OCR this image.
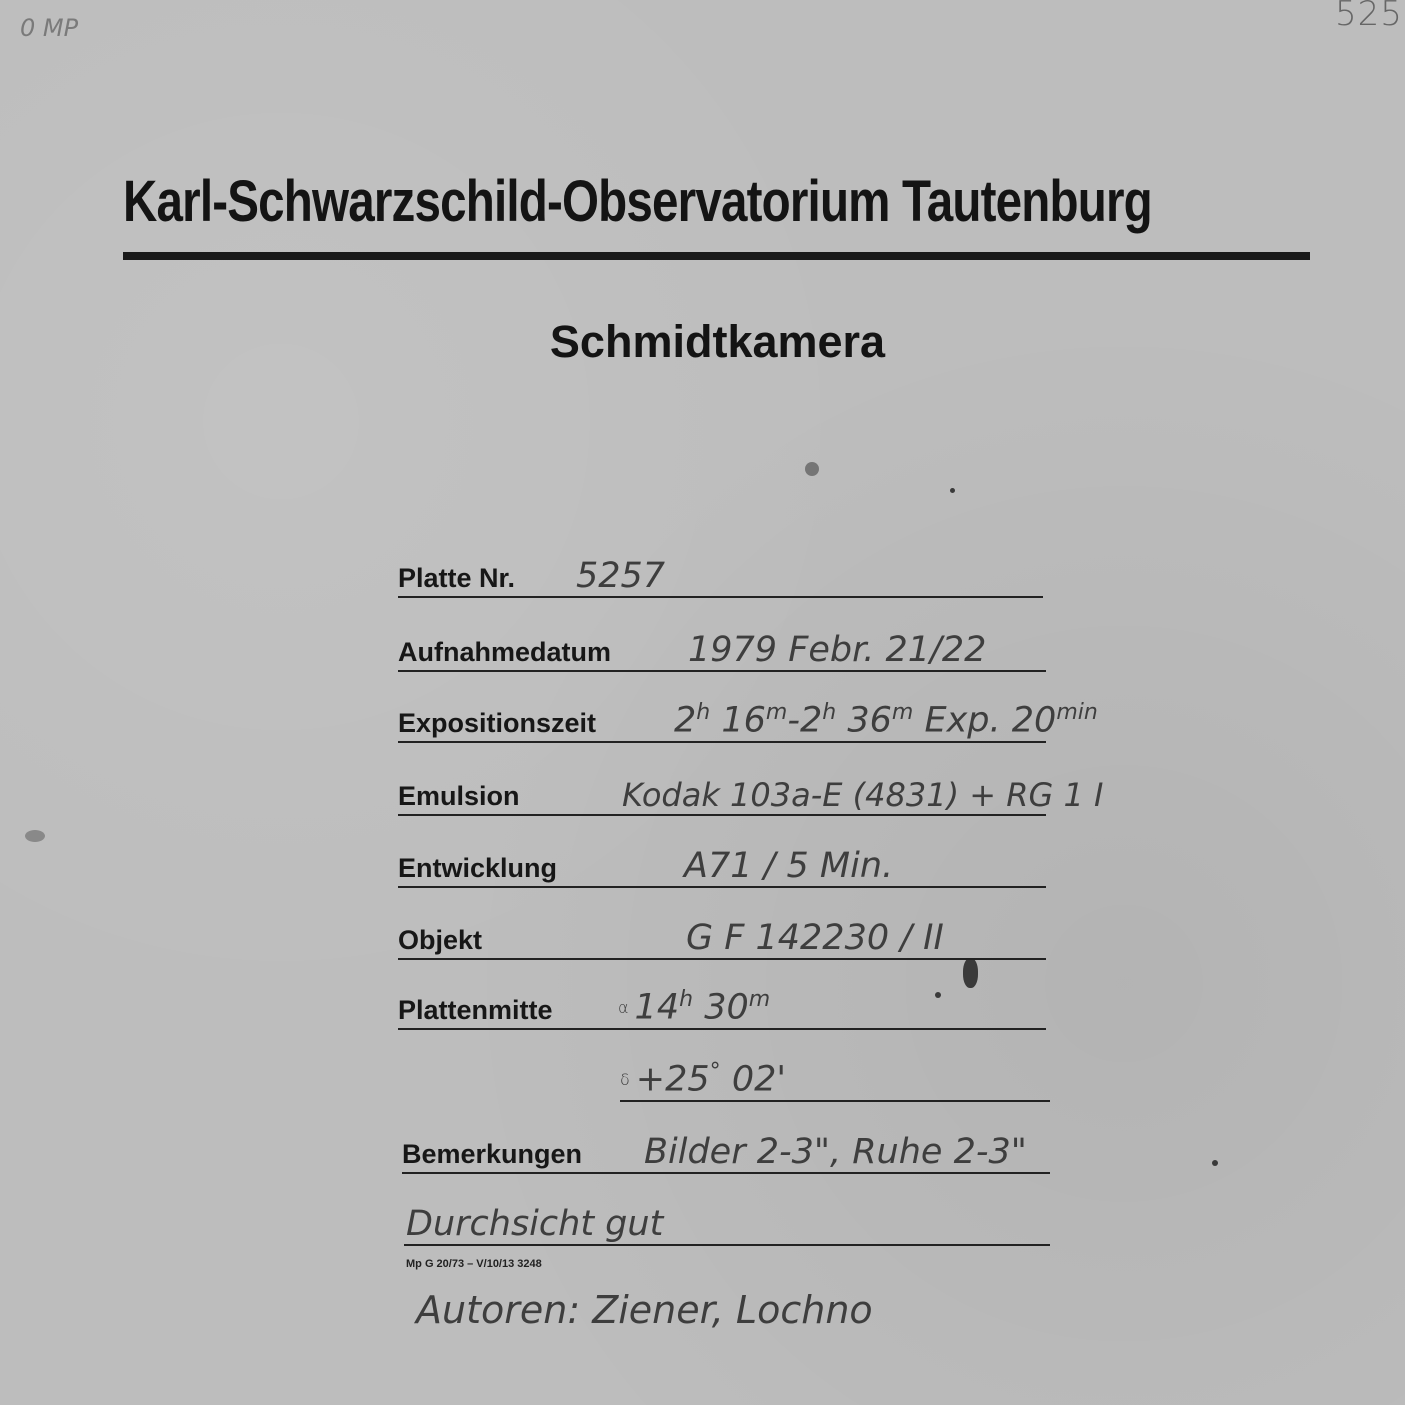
0 MP	525
Karl-Schwarzschild-Observatorium Tautenburg
Schmidtkamera
Platte Nr. 5257
Aufnahmedatum 1979 Febr. 21/22
Expositionszeit 2$^h$ 16$^m$-2$^h$ 36$^m$ Exp. $20^{min}$
Emulsion	Kodak 103a-E (4831) + RG 1 I
Entwicklung	A71 / 5 Min.
Objekt	G F 142230 / II
Plattenmitte	α 14$^h$ 30$^m$
δ +25° 02'
Bemerkungen Bilder 2-3", Ruhe 2-3"
Durchsicht gut
Mp G 20/73 – V/10/13 3248
Autoren: Ziener, Lochno
